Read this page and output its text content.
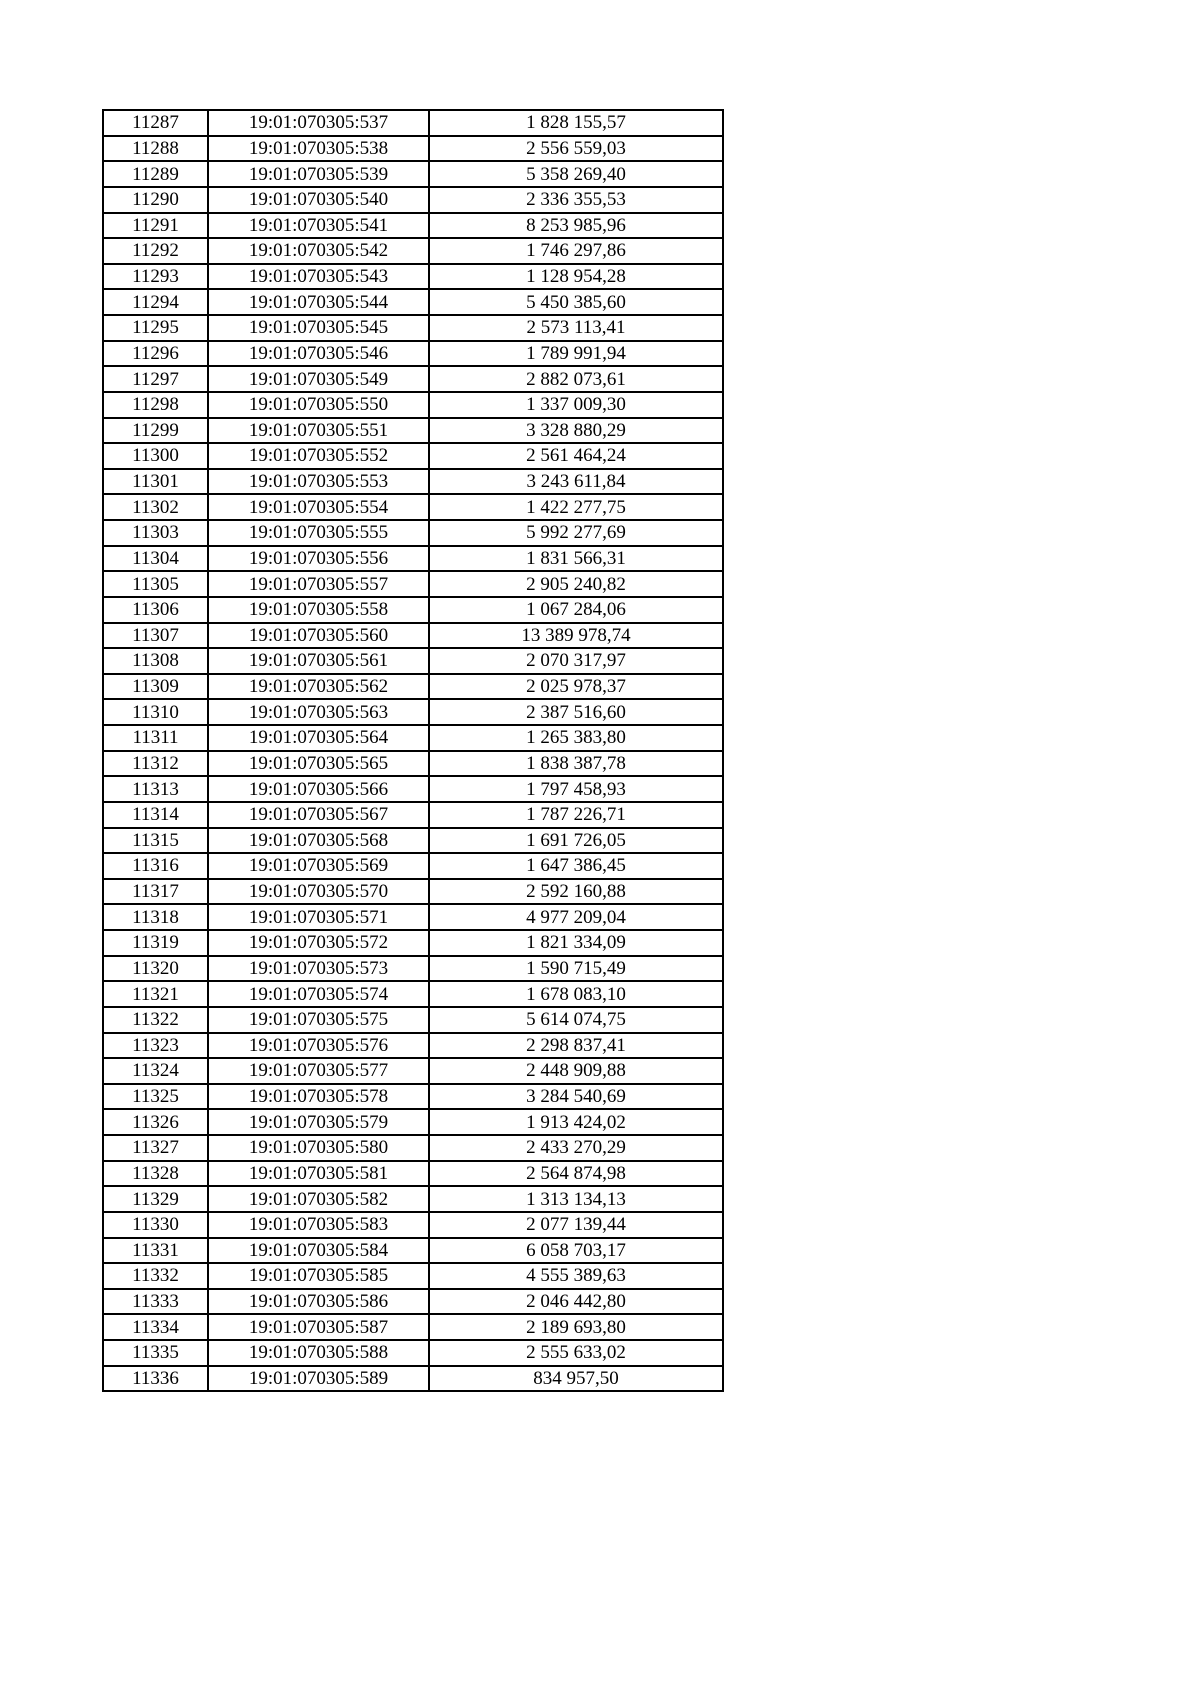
11287	19:01:070305:537	1 828 155,57
11288	19:01:070305:538	2 556 559,03
11289	19:01:070305:539	5 358 269,40
11290	19:01:070305:540	2 336 355,53
11291	19:01:070305:541	8 253 985,96
11292	19:01:070305:542	1 746 297,86
11293	19:01:070305:543	1 128 954,28
11294	19:01:070305:544	5 450 385,60
11295	19:01:070305:545	2 573 113,41
11296	19:01:070305:546	1 789 991,94
11297	19:01:070305:549	2 882 073,61
11298	19:01:070305:550	1 337 009,30
11299	19:01:070305:551	3 328 880,29
11300	19:01:070305:552	2 561 464,24
11301	19:01:070305:553	3 243 611,84
11302	19:01:070305:554	1 422 277,75
11303	19:01:070305:555	5 992 277,69
11304	19:01:070305:556	1 831 566,31
11305	19:01:070305:557	2 905 240,82
11306	19:01:070305:558	1 067 284,06
11307	19:01:070305:560	13 389 978,74
11308	19:01:070305:561	2 070 317,97
11309	19:01:070305:562	2 025 978,37
11310	19:01:070305:563	2 387 516,60
11311	19:01:070305:564	1 265 383,80
11312	19:01:070305:565	1 838 387,78
11313	19:01:070305:566	1 797 458,93
11314	19:01:070305:567	1 787 226,71
11315	19:01:070305:568	1 691 726,05
11316	19:01:070305:569	1 647 386,45
11317	19:01:070305:570	2 592 160,88
11318	19:01:070305:571	4 977 209,04
11319	19:01:070305:572	1 821 334,09
11320	19:01:070305:573	1 590 715,49
11321	19:01:070305:574	1 678 083,10
11322	19:01:070305:575	5 614 074,75
11323	19:01:070305:576	2 298 837,41
11324	19:01:070305:577	2 448 909,88
11325	19:01:070305:578	3 284 540,69
11326	19:01:070305:579	1 913 424,02
11327	19:01:070305:580	2 433 270,29
11328	19:01:070305:581	2 564 874,98
11329	19:01:070305:582	1 313 134,13
11330	19:01:070305:583	2 077 139,44
11331	19:01:070305:584	6 058 703,17
11332	19:01:070305:585	4 555 389,63
11333	19:01:070305:586	2 046 442,80
11334	19:01:070305:587	2 189 693,80
11335	19:01:070305:588	2 555 633,02
11336	19:01:070305:589	834 957,50
